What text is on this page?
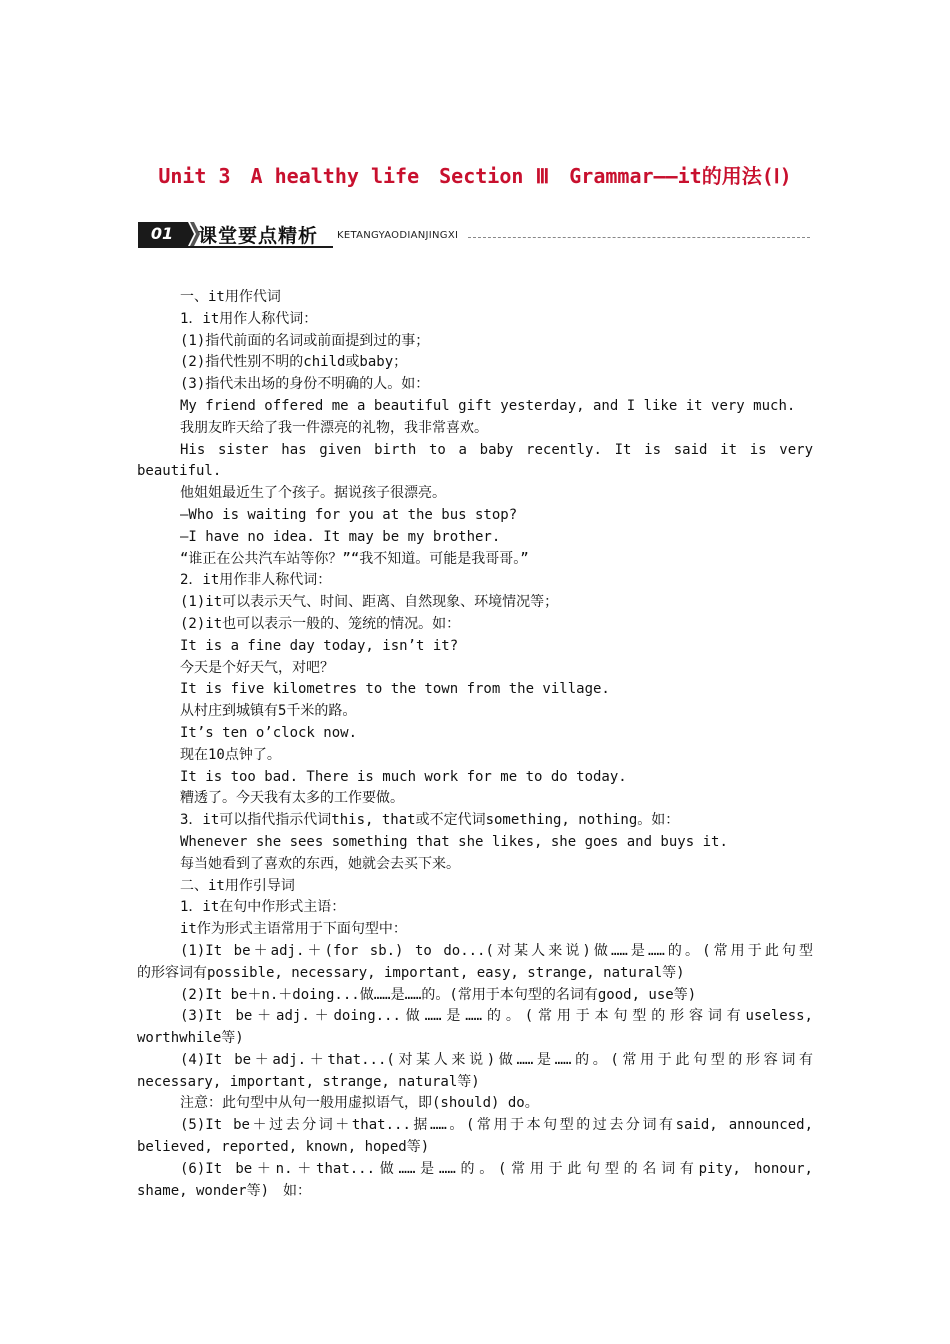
Unit 3　A healthy life　Section Ⅲ　Grammar——it的用法(Ⅰ)
01	课堂要点精析 KETANGYAODIANJINGXI

一、it用作代词

1．it用作人称代词：

(1)指代前面的名词或前面提到过的事；

(2)指代性别不明的child或baby；

(3)指代未出场的身份不明确的人。如：

My friend offered me a beautiful gift yesterday, and I like it very much.

我朋友昨天给了我一件漂亮的礼物，我非常喜欢。

His sister has given birth to a baby recently. It is said it is very

beautiful.

他姐姐最近生了个孩子。据说孩子很漂亮。

—Who is waiting for you at the bus stop?

—I have no idea. It may be my brother.

“谁正在公共汽车站等你？”“我不知道。可能是我哥哥。”

2．it用作非人称代词：

(1)it可以表示天气、时间、距离、自然现象、环境情况等；

(2)it也可以表示一般的、笼统的情况。如：

It is a fine day today, isn’t it?

今天是个好天气，对吧？

It is five kilometres to the town from the village.

从村庄到城镇有5千米的路。

It’s ten o’clock now.

现在10点钟了。

It is too bad. There is much work for me to do today.

糟透了。今天我有太多的工作要做。

3．it可以指代指示代词this, that或不定代词something, nothing。如：

Whenever she sees something that she likes, she goes and buys it.

每当她看到了喜欢的东西，她就会去买下来。

二、it用作引导词

1．it在句中作形式主语：

it作为形式主语常用于下面句型中：

(1)It be＋adj.＋(for sb.) to do...(对某人来说)做……是……的。(常用于此句型

的形容词有possible, necessary, important, easy, strange, natural等)

(2)It be＋n.＋doing...做……是……的。(常用于本句型的名词有good, use等)

(3)It be＋adj.＋doing...做……是……的。(常用于本句型的形容词有useless,

worthwhile等)

(4)It be＋adj.＋that...(对某人来说)做……是……的。(常用于此句型的形容词有

necessary, important, strange, natural等)

注意：此句型中从句一般用虚拟语气，即(should) do。

(5)It be＋过去分词＋that...据……。(常用于本句型的过去分词有said, announced,

believed, reported, known, hoped等)

(6)It be＋n.＋that...做……是……的。(常用于此句型的名词有pity, honour,

shame, wonder等)　如：
